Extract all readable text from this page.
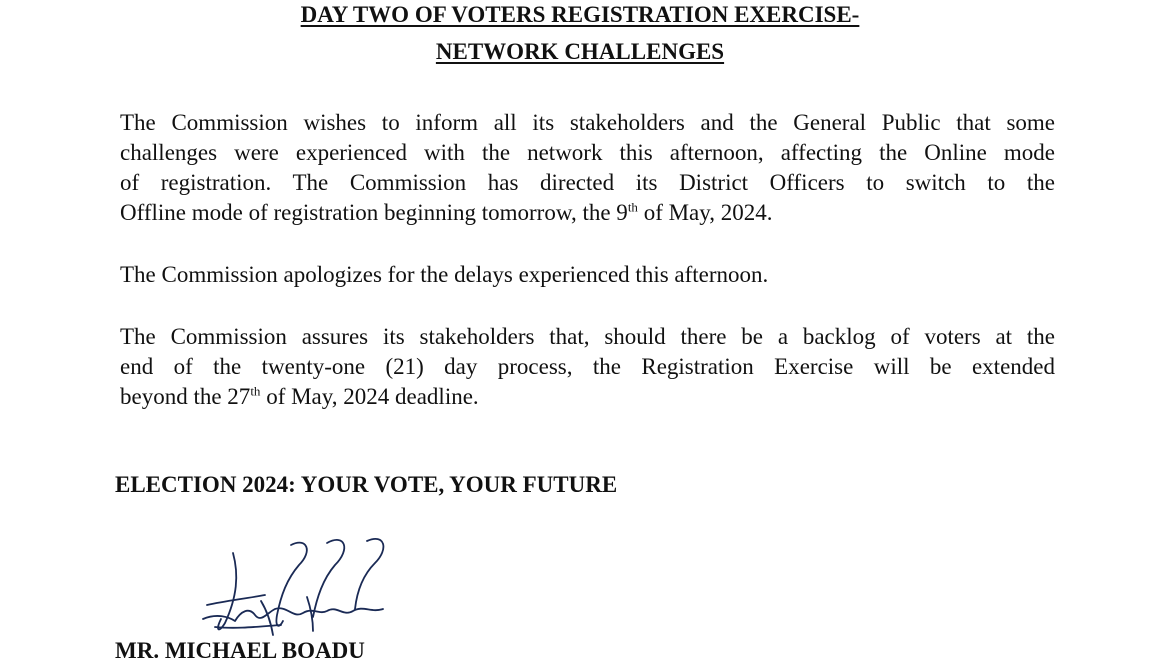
DAY TWO OF VOTERS REGISTRATION EXERCISE-
NETWORK CHALLENGES
The Commission wishes to inform all its stakeholders and the General Public that some
challenges were experienced with the network this afternoon, affecting the Online mode
of registration. The Commission has directed its District Officers to switch to the
Offline mode of registration beginning tomorrow, the 9th of May, 2024.
The Commission apologizes for the delays experienced this afternoon.
The Commission assures its stakeholders that, should there be a backlog of voters at the
end of the twenty-one (21) day process, the Registration Exercise will be extended
beyond the 27th of May, 2024 deadline.
ELECTION 2024: YOUR VOTE, YOUR FUTURE
MR. MICHAEL BOADU
